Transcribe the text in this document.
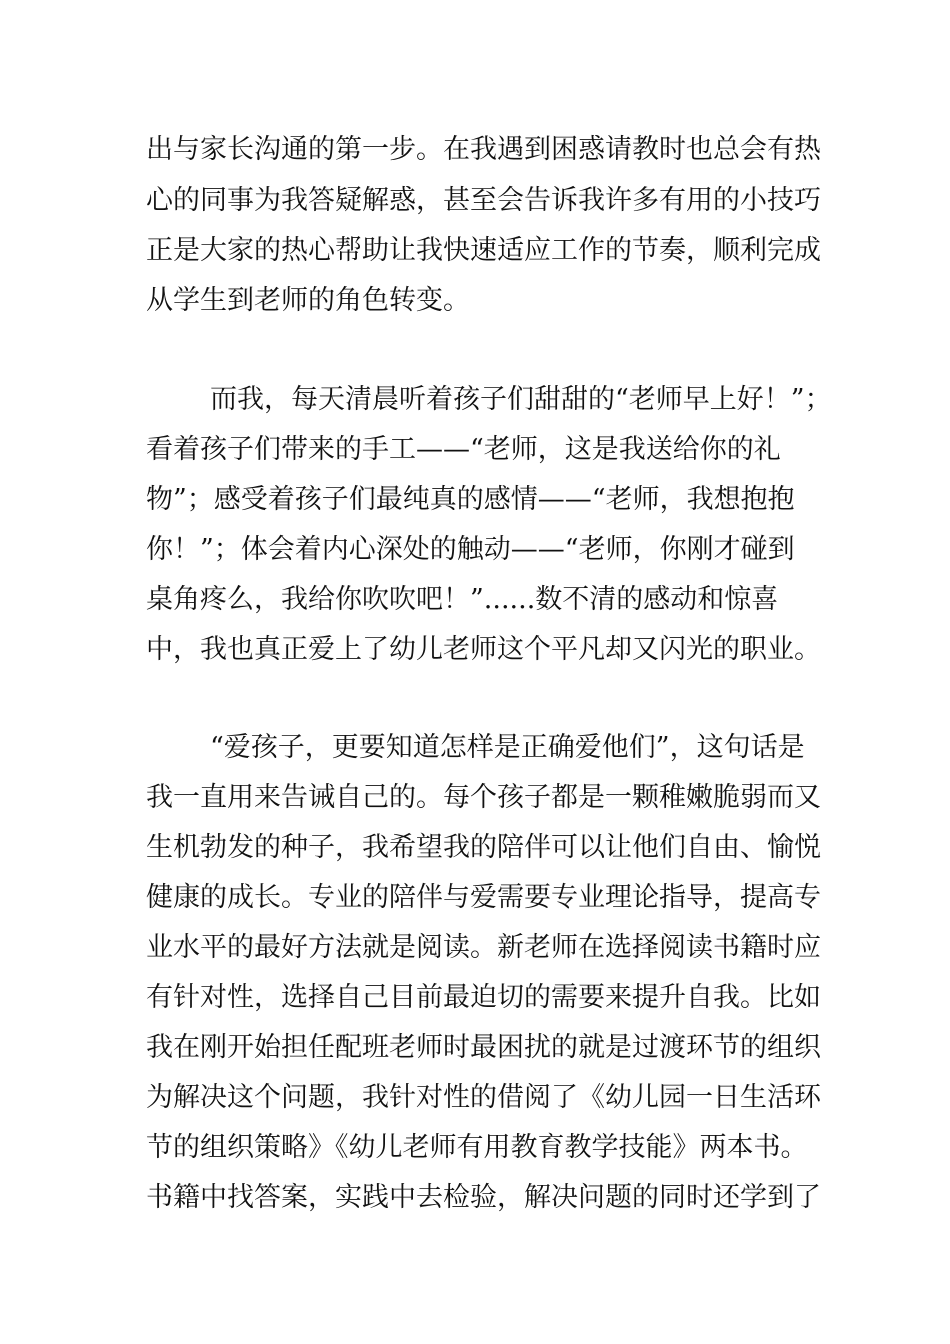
出与家长沟通的第一步。在我遇到困惑请教时也总会有热
心的同事为我答疑解惑，甚至会告诉我许多有用的小技巧
正是大家的热心帮助让我快速适应工作的节奏，顺利完成
从学生到老师的角色转变。
而我，每天清晨听着孩子们甜甜的“老师早上好！”；
看着孩子们带来的手工——“老师，这是我送给你的礼
物”；感受着孩子们最纯真的感情——“老师，我想抱抱
你！”；体会着内心深处的触动——“老师，你刚才碰到
桌角疼么，我给你吹吹吧！”......数不清的感动和惊喜
中，我也真正爱上了幼儿老师这个平凡却又闪光的职业。
“爱孩子，更要知道怎样是正确爱他们”，这句话是
我一直用来告诫自己的。每个孩子都是一颗稚嫩脆弱而又
生机勃发的种子，我希望我的陪伴可以让他们自由、愉悦
健康的成长。专业的陪伴与爱需要专业理论指导，提高专
业水平的最好方法就是阅读。新老师在选择阅读书籍时应
有针对性，选择自己目前最迫切的需要来提升自我。比如
我在刚开始担任配班老师时最困扰的就是过渡环节的组织
为解决这个问题，我针对性的借阅了《幼儿园一日生活环
节的组织策略》《幼儿老师有用教育教学技能》两本书。
书籍中找答案，实践中去检验，解决问题的同时还学到了
